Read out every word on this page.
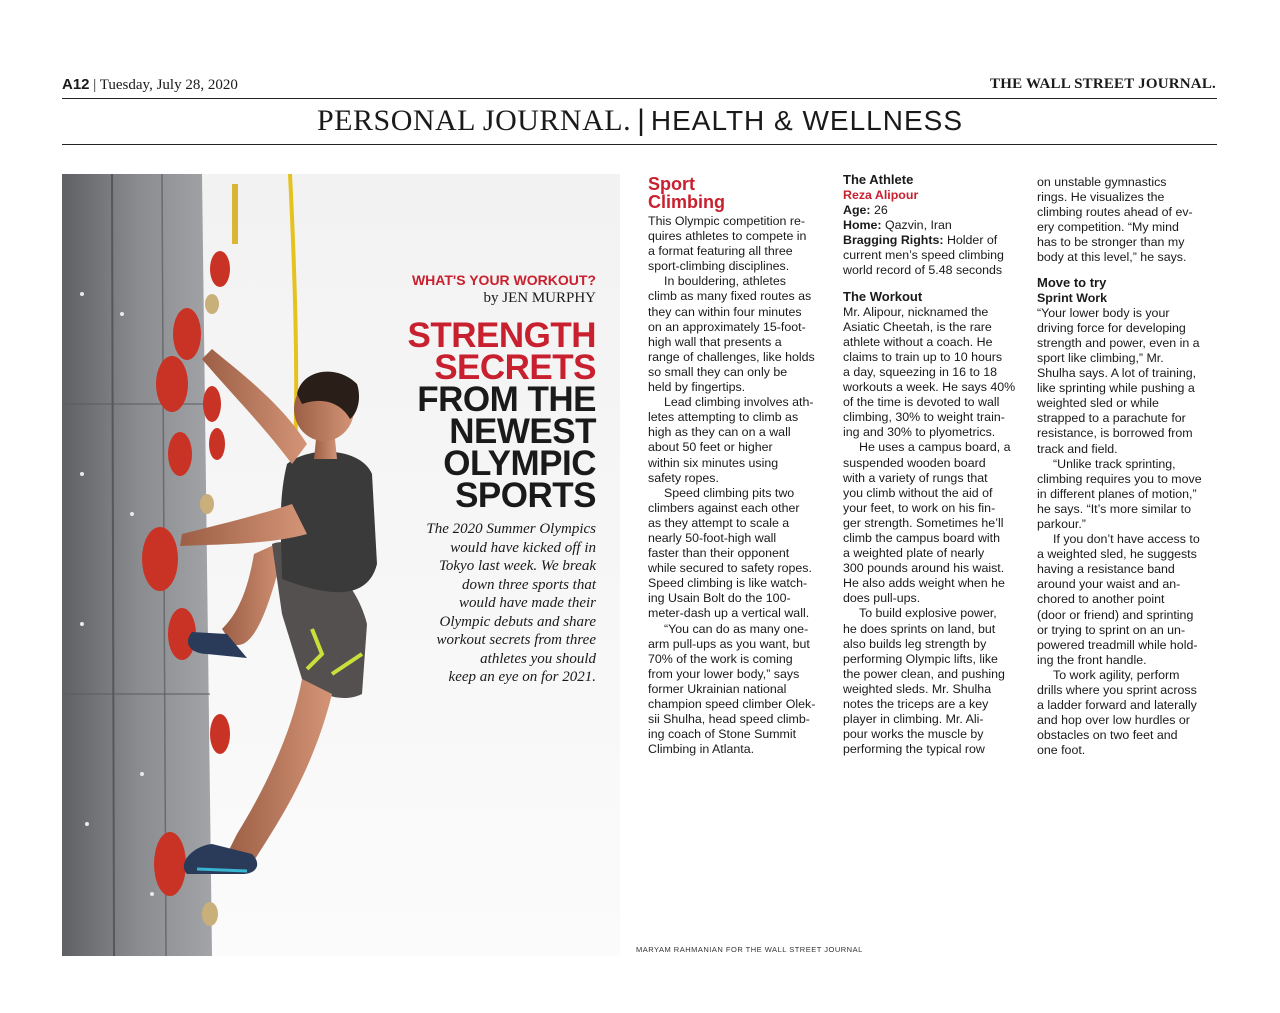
A12 | Tuesday, July 28, 2020	THE WALL STREET JOURNAL.
PERSONAL JOURNAL. | HEALTH & WELLNESS
MARYAM RAHMANIAN FOR THE WALL STREET JOURNAL
WHAT'S YOUR WORKOUT?
by JEN MURPHY
STRENGTH
SECRETS
FROM THE
NEWEST
OLYMPIC
SPORTS
The 2020 Summer Olympics
would have kicked off in
Tokyo last week. We break
down three sports that
would have made their
Olympic debuts and share
workout secrets from three
athletes you should
keep an eye on for 2021.
Sport
Climbing

This Olympic competition re-
quires athletes to compete in
a format featuring all three
sport-climbing disciplines.

In bouldering, athletes
climb as many fixed routes as
they can within four minutes
on an approximately 15-foot-
high wall that presents a
range of challenges, like holds
so small they can only be
held by fingertips.

Lead climbing involves ath-
letes attempting to climb as
high as they can on a wall
about 50 feet or higher
within six minutes using
safety ropes.

Speed climbing pits two
climbers against each other
as they attempt to scale a
nearly 50-foot-high wall
faster than their opponent
while secured to safety ropes.
Speed climbing is like watch-
ing Usain Bolt do the 100-
meter-dash up a vertical wall.

“You can do as many one-
arm pull-ups as you want, but
70% of the work is coming
from your lower body,” says
former Ukrainian national
champion speed climber Olek-
sii Shulha, head speed climb-
ing coach of Stone Summit
Climbing in Atlanta.

The Athlete

Reza Alipour
Age: 26
Home: Qazvin, Iran
Bragging Rights: Holder of
current men’s speed climbing
world record of 5.48 seconds

The Workout

Mr. Alipour, nicknamed the
Asiatic Cheetah, is the rare
athlete without a coach. He
claims to train up to 10 hours
a day, squeezing in 16 to 18
workouts a week. He says 40%
of the time is devoted to wall
climbing, 30% to weight train-
ing and 30% to plyometrics.

He uses a campus board, a
suspended wooden board
with a variety of rungs that
you climb without the aid of
your feet, to work on his fin-
ger strength. Sometimes he’ll
climb the campus board with
a weighted plate of nearly
300 pounds around his waist.
He also adds weight when he
does pull-ups.

To build explosive power,
he does sprints on land, but
also builds leg strength by
performing Olympic lifts, like
the power clean, and pushing
weighted sleds. Mr. Shulha
notes the triceps are a key
player in climbing. Mr. Ali-
pour works the muscle by
performing the typical row

on unstable gymnastics
rings. He visualizes the
climbing routes ahead of ev-
ery competition. “My mind
has to be stronger than my
body at this level,” he says.

Move to try

Sprint Work

“Your lower body is your
driving force for developing
strength and power, even in a
sport like climbing,” Mr.
Shulha says. A lot of training,
like sprinting while pushing a
weighted sled or while
strapped to a parachute for
resistance, is borrowed from
track and field.

“Unlike track sprinting,
climbing requires you to move
in different planes of motion,”
he says. “It’s more similar to
parkour.”

If you don’t have access to
a weighted sled, he suggests
having a resistance band
around your waist and an-
chored to another point
(door or friend) and sprinting
or trying to sprint on an un-
powered treadmill while hold-
ing the front handle.

To work agility, perform
drills where you sprint across
a ladder forward and laterally
and hop over low hurdles or
obstacles on two feet and
one foot.
